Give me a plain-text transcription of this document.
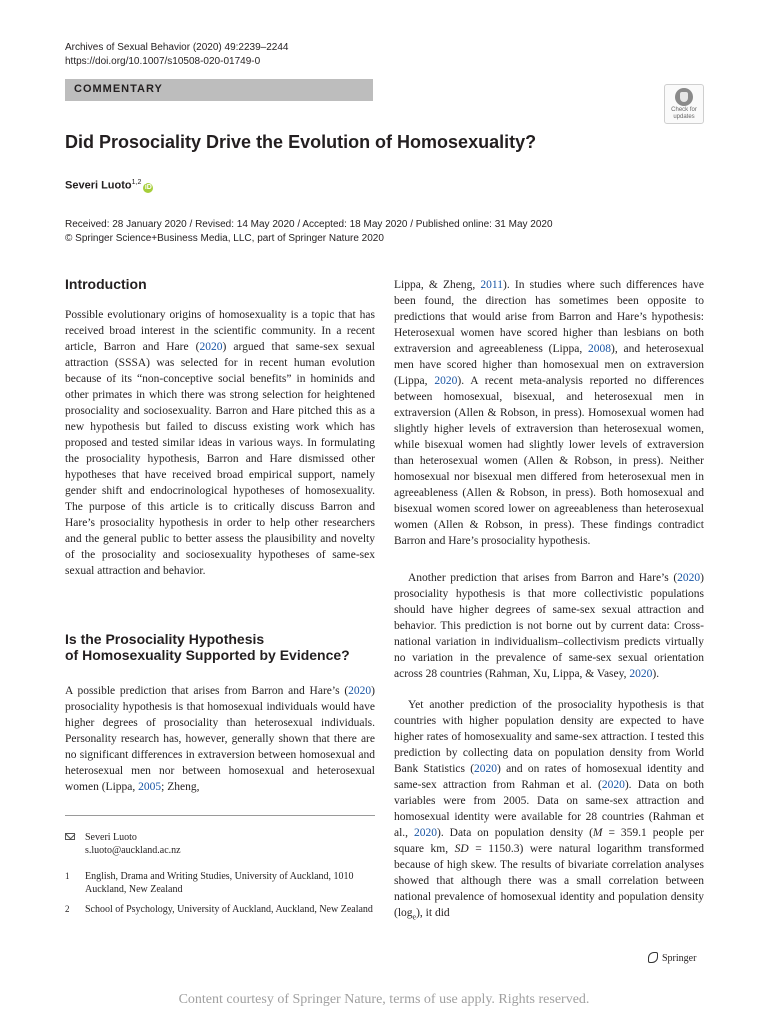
Archives of Sexual Behavior (2020) 49:2239–2244
https://doi.org/10.1007/s10508-020-01749-0
COMMENTARY
Check for
updates
Did Prosociality Drive the Evolution of Homosexuality?
Severi Luoto$^{1,2}$iD
Received: 28 January 2020 / Revised: 14 May 2020 / Accepted: 18 May 2020 / Published online: 31 May 2020
© Springer Science+Business Media, LLC, part of Springer Nature 2020
Introduction

Possible evolutionary origins of homosexuality is a topic that has received broad interest in the scientific community. In a recent article, Barron and Hare (2020) argued that same-sex sexual attraction (SSSA) was selected for in recent human evolution because of its “non-conceptive social benefits” in hominids and other primates in which there was strong selection for heightened prosociality and sociosexuality. Barron and Hare pitched this as a new hypothesis but failed to discuss existing work which has proposed and tested similar ideas in various ways. In formulating the prosociality hypothesis, Barron and Hare dismissed other hypotheses that have received broad empirical support, namely gender shift and endocrinological hypotheses of homosexuality. The purpose of this article is to critically discuss Barron and Hare’s prosociality hypothesis in order to help other researchers and the general public to better assess the plausibility and novelty of the prosociality and sociosexuality hypotheses of same-sex sexual attraction and behavior.

Is the Prosociality Hypothesis
of Homosexuality Supported by Evidence?

A possible prediction that arises from Barron and Hare’s (2020) prosociality hypothesis is that homosexual individuals would have higher degrees of prosociality than heterosexual individuals. Personality research has, however, generally shown that there are no significant differences in extraversion between homosexual and heterosexual men nor between homosexual and heterosexual women (Lippa, 2005; Zheng,

Lippa, & Zheng, 2011). In studies where such differences have been found, the direction has sometimes been opposite to predictions that would arise from Barron and Hare’s hypothesis: Heterosexual women have scored higher than lesbians on both extraversion and agreeableness (Lippa, 2008), and heterosexual men have scored higher than homosexual men on extraversion (Lippa, 2020). A recent meta-analysis reported no differences between homosexual, bisexual, and heterosexual men in extraversion (Allen & Robson, in press). Homosexual women had slightly higher levels of extraversion than heterosexual women, while bisexual women had slightly lower levels of extraversion than heterosexual women (Allen & Robson, in press). Neither homosexual nor bisexual men differed from heterosexual men in agreeableness (Allen & Robson, in press). Both homosexual and bisexual women scored lower on agreeableness than heterosexual women (Allen & Robson, in press). These findings contradict Barron and Hare’s prosociality hypothesis.

Another prediction that arises from Barron and Hare’s (2020) prosociality hypothesis is that more collectivistic populations should have higher degrees of same-sex sexual attraction and behavior. This prediction is not borne out by current data: Cross-national variation in individualism–collectivism predicts virtually no variation in the prevalence of same-sex sexual orientation across 28 countries (Rahman, Xu, Lippa, & Vasey, 2020).

Yet another prediction of the prosociality hypothesis is that countries with higher population density are expected to have higher rates of homosexuality and same-sex attraction. I tested this prediction by collecting data on population density from World Bank Statistics (2020) and on rates of homosexual identity and same-sex attraction from Rahman et al. (2020). Data on both variables were from 2005. Data on same-sex attraction and homosexual identity were available for 28 countries (Rahman et al., 2020). Data on population density (M = 359.1 people per square km, SD = 1150.3) were natural logarithm transformed because of high skew. The results of bivariate correlation analyses showed that although there was a small correlation between national prevalence of homosexual identity and population density $(\log_e)$, it did

Severi Luoto
s.luoto@auckland.ac.nz
1 English, Drama and Writing Studies, University of Auckland, 1010 Auckland, New Zealand
2 School of Psychology, University of Auckland, Auckland, New Zealand
Springer
Content courtesy of Springer Nature, terms of use apply. Rights reserved.
